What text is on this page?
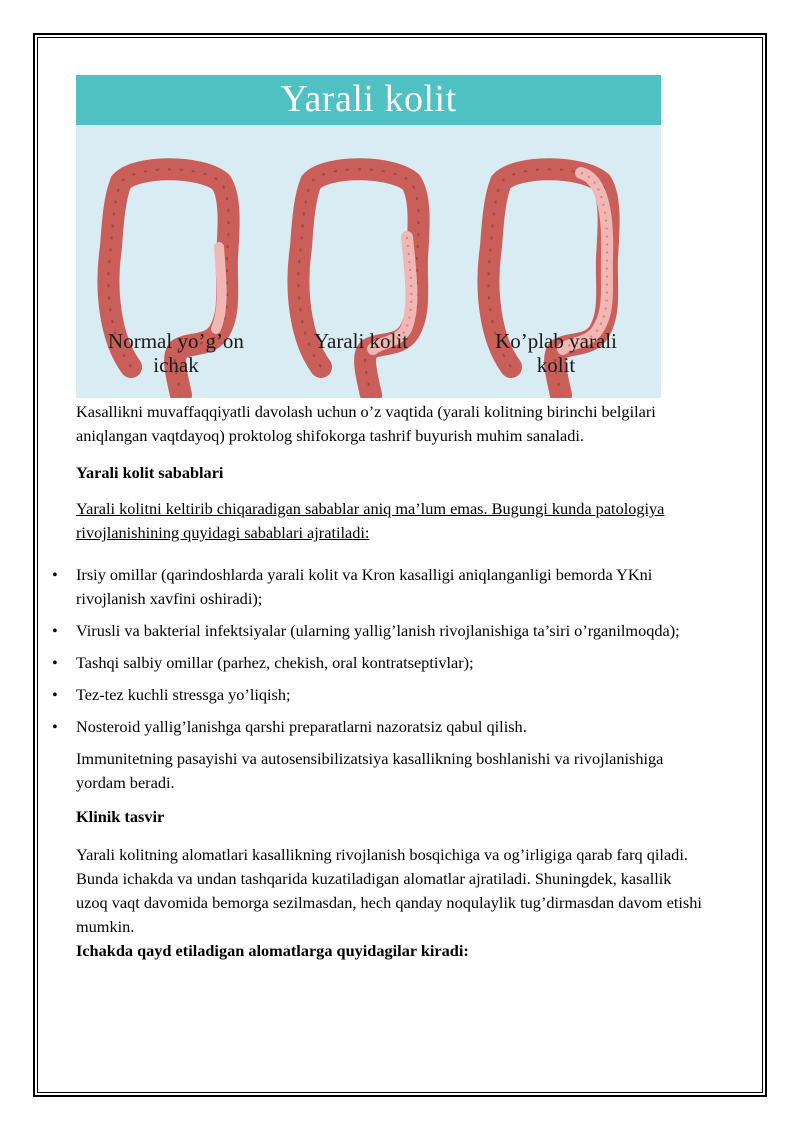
Yarali kolit
Normal yo’g’on
ichak
Yarali kolit	Ko’plab yarali
kolit

Kasallikni muvaffaqqiyatli davolash uchun o’z vaqtida (yarali kolitning birinchi belgilari aniqlangan vaqtdayoq) proktolog shifokorga tashrif buyurish muhim sanaladi.

Yarali kolit sabablari

Yarali kolitni keltirib chiqaradigan sabablar aniq ma’lum emas. Bugungi kunda patologiya rivojlanishining quyidagi sabablari ajratiladi:

• Irsiy omillar (qarindoshlarda yarali kolit va Kron kasalligi aniqlanganligi bemorda YKni rivojlanish xavfini oshiradi);
• Virusli va bakterial infektsiyalar (ularning yallig’lanish rivojlanishiga ta’siri o’rganilmoqda);
• Tashqi salbiy omillar (parhez, chekish, oral kontratseptivlar);
• Tez-tez kuchli stressga yo’liqish;
• Nosteroid yallig’lanishga qarshi preparatlarni nazoratsiz qabul qilish.

Immunitetning pasayishi va autosensibilizatsiya kasallikning boshlanishi va rivojlanishiga yordam beradi.

Klinik tasvir

Yarali kolitning alomatlari kasallikning rivojlanish bosqichiga va og’irligiga qarab farq qiladi. Bunda ichakda va undan tashqarida kuzatiladigan alomatlar ajratiladi. Shuningdek, kasallik uzoq vaqt davomida bemorga sezilmasdan, hech qanday noqulaylik tug’dirmasdan davom etishi mumkin.

Ichakda qayd etiladigan alomatlarga quyidagilar kiradi:
